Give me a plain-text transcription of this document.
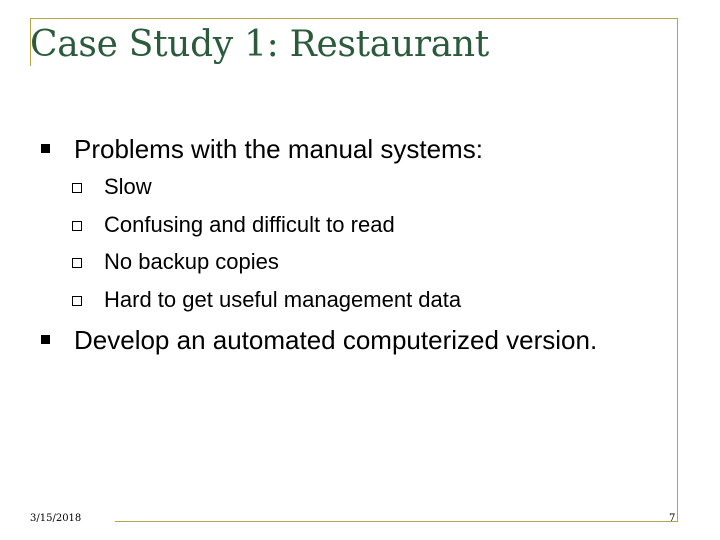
Case Study 1: Restaurant
Problems with the manual systems:
Slow
Confusing and difficult to read
No backup copies
Hard to get useful management data
Develop an automated computerized version.
3/15/2018	7
